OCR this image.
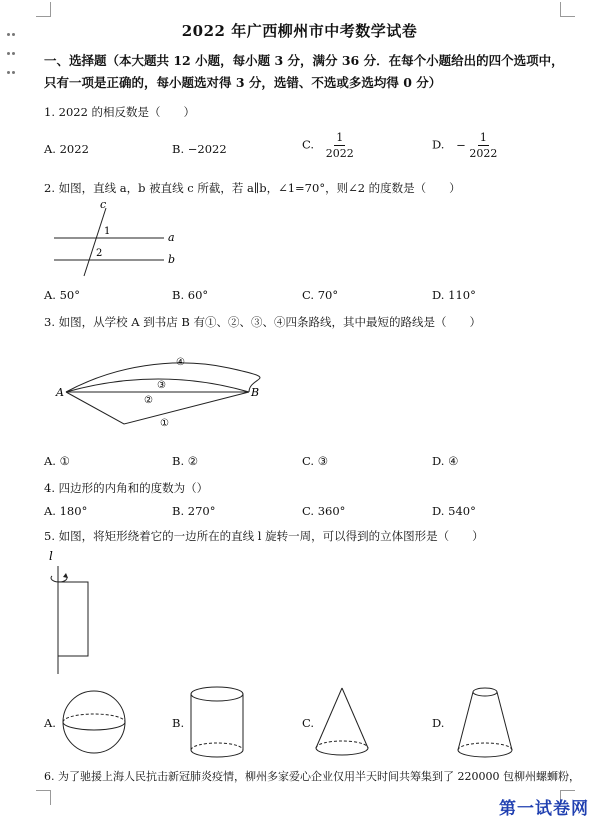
2022 年广西柳州市中考数学试卷
一、选择题（本大题共 12 小题，每小题 3 分，满分 36 分．在每个小题给出的四个选项中，
只有一项是正确的，每小题选对得 3 分，选错、不选或多选均得 0 分）
1. 2022 的相反数是（　　）
A. 2022	B. −2022	C. $\frac{1}{2022}$	D. − $\frac{1}{2022}$
2. 如图，直线 a，b 被直线 c 所截，若 a∥b，∠1=70°，则∠2 的度数是（　　）
c
a
b
1
2
A. 50°	B. 60°	C. 70°	D. 110°
3. 如图，从学校 A 到书店 B 有①、②、③、④四条路线，其中最短的路线是（　　）
A	B
④
③
②
①
A. ①	B. ②	C. ③	D. ④
4. 四边形的内角和的度数为（）
A. 180°	B. 270°	C. 360°	D. 540°
5. 如图，将矩形绕着它的一边所在的直线 l 旋转一周，可以得到的立体图形是（　　）
l
A.	B.	C.	D.
6. 为了驰援上海人民抗击新冠肺炎疫情，柳州多家爱心企业仅用半天时间共筹集到了 220000 包柳州螺蛳粉，
第一试卷网
